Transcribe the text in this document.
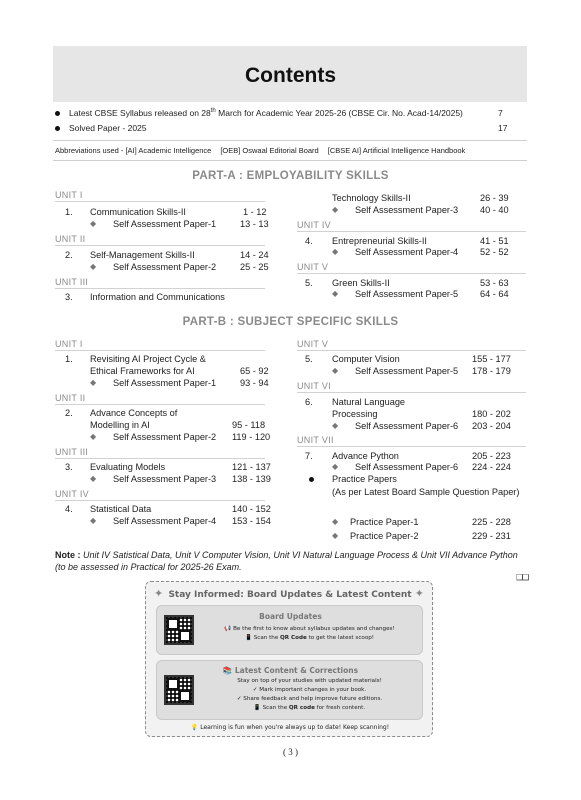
Contents
Latest CBSE Syllabus released on 28th March for Academic Year 2025-26 (CBSE Cir. No. Acad-14/2025)	7
Solved Paper - 2025	17
Abbreviations used - [AI] Academic Intelligence [OEB] Oswaal Editorial Board [CBSE AI] Artificial Intelligence Handbook
PART-A : EMPLOYABILITY SKILLS
UNIT I
1. Communication Skills-II	1 - 12
◆ Self Assessment Paper-1	13 - 13
UNIT II
2. Self-Management Skills-II	14 - 24
◆ Self Assessment Paper-2	25 - 25
UNIT III
3. Information and Communications
Technology Skills-II	26 - 39
◆ Self Assessment Paper-3 40 - 40
UNIT IV
4. Entrepreneurial Skills-II	41 - 51
◆ Self Assessment Paper-4 52 - 52
UNIT V
5. Green Skills-II	53 - 63
◆ Self Assessment Paper-5 64 - 64
PART-B : SUBJECT SPECIFIC SKILLS
UNIT I
1. Revisiting AI Project Cycle &
Ethical Frameworks for AI	65 - 92
◆ Self Assessment Paper-1	93 - 94
UNIT II
2. Advance Concepts of
Modelling in AI	95 - 118
◆ Self Assessment Paper-2 119 - 120
UNIT III
3. Evaluating Models	121 - 137
◆ Self Assessment Paper-3 138 - 139
UNIT IV
4. Statistical Data	140 - 152
◆ Self Assessment Paper-4 153 - 154
UNIT V
5. Computer Vision	155 - 177
◆ Self Assessment Paper-5 178 - 179
UNIT VI
6. Natural Language
Processing	180 - 202
◆ Self Assessment Paper-6 203 - 204
UNIT VII
7. Advance Python	205 - 223
◆ Self Assessment Paper-6 224 - 224
Practice Papers
(As per Latest Board Sample Question Paper)
◆ Practice Paper-1	225 - 228
◆ Practice Paper-2	229 - 231
Note : Unit IV Satistical Data, Unit V Computer Vision, Unit VI Natural Language Process & Unit VII Advance Python (to be assessed in Practical for 2025-26 Exam.
❑❑
✦	✦
Stay Informed: Board Updates & Latest Content
Board Updates
📢 Be the first to know about syllabus updates and changes!
📱 Scan the QR Code to get the latest scoop!
📚 Latest Content & Corrections
Stay on top of your studies with updated materials!
✓ Mark important changes in your book.
✓ Share feedback and help improve future editions.
📱 Scan the QR code for fresh content.
💡 Learning is fun when you're always up to date! Keep scanning!
( 3 )
